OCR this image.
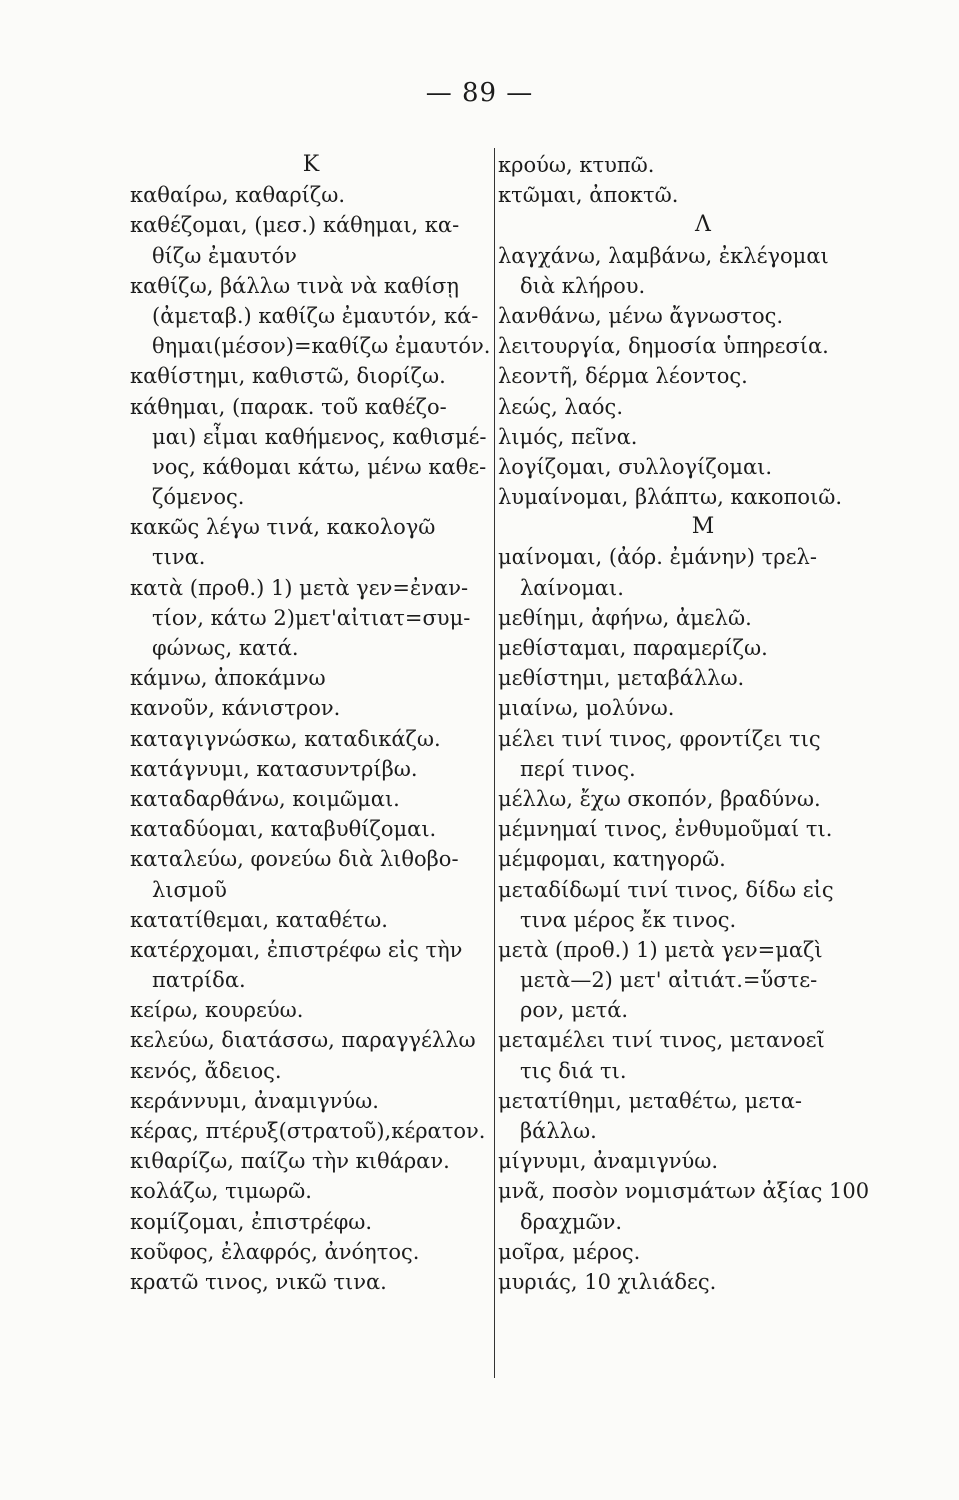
— 89 —
K
καθαίρω, καθαρίζω.
καθέζομαι, (μεσ.) κάθημαι, κα-
θίζω ἐμαυτόν
καθίζω, βάλλω τινὰ νὰ καθίσῃ
(ἀμεταβ.) καθίζω ἐμαυτόν, κά-
θημαι(μέσον)=καθίζω ἐμαυτόν.
καθίστημι, καθιστῶ, διορίζω.
κάθημαι, (παρακ. τοῦ καθέζο-
μαι) εἶμαι καθήμενος, καθισμέ-
νος, κάθομαι κάτω, μένω καθε-
ζόμενος.
κακῶς λέγω τινά, κακολογῶ
τινα.
κατὰ (προθ.) 1) μετὰ γεν=ἐναν-
τίον, κάτω 2)μετ'αἰτιατ=συμ-
φώνως, κατά.
κάμνω, ἀποκάμνω
κανοῦν, κάνιστρον.
καταγιγνώσκω, καταδικάζω.
κατάγνυμι, κατασυντρίβω.
καταδαρθάνω, κοιμῶμαι.
καταδύομαι, καταβυθίζομαι.
καταλεύω, φονεύω διὰ λιθοβο-
λισμοῦ
κατατίθεμαι, καταθέτω.
κατέρχομαι, ἐπιστρέφω εἰς τὴν
πατρίδα.
κείρω, κουρεύω.
κελεύω, διατάσσω, παραγγέλλω
κενός, ἄδειος.
κεράννυμι, ἀναμιγνύω.
κέρας, πτέρυξ(στρατοῦ),κέρατον.
κιθαρίζω, παίζω τὴν κιθάραν.
κολάζω, τιμωρῶ.
κομίζομαι, ἐπιστρέφω.
κοῦφος, ἐλαφρός, ἀνόητος.
κρατῶ τινος, νικῶ τινα.
κρούω, κτυπῶ.
κτῶμαι, ἀποκτῶ.
Λ
λαγχάνω, λαμβάνω, ἐκλέγομαι
διὰ κλήρου.
λανθάνω, μένω ἄγνωστος.
λειτουργία, δημοσία ὑπηρεσία.
λεοντῆ, δέρμα λέοντος.
λεώς, λαός.
λιμός, πεῖνα.
λογίζομαι, συλλογίζομαι.
λυμαίνομαι, βλάπτω, κακοποιῶ.
M
μαίνομαι, (ἀόρ. ἐμάνην) τρελ-
λαίνομαι.
μεθίημι, ἀφήνω, ἀμελῶ.
μεθίσταμαι, παραμερίζω.
μεθίστημι, μεταβάλλω.
μιαίνω, μολύνω.
μέλει τινί τινος, φροντίζει τις
περί τινος.
μέλλω, ἔχω σκοπόν, βραδύνω.
μέμνημαί τινος, ἐνθυμοῦμαί τι.
μέμφομαι, κατηγορῶ.
μεταδίδωμί τινί τινος, δίδω εἰς
τινα μέρος ἔκ τινος.
μετὰ (προθ.) 1) μετὰ γεν=μαζὶ
μετὰ—2) μετ' αἰτιάτ.=ὕστε-
ρον, μετά.
μεταμέλει τινί τινος, μετανοεῖ
τις διά τι.
μετατίθημι, μεταθέτω, μετα-
βάλλω.
μίγνυμι, ἀναμιγνύω.
μνᾶ, ποσὸν νομισμάτων ἀξίας 100
δραχμῶν.
μοῖρα, μέρος.
μυριάς, 10 χιλιάδες.
